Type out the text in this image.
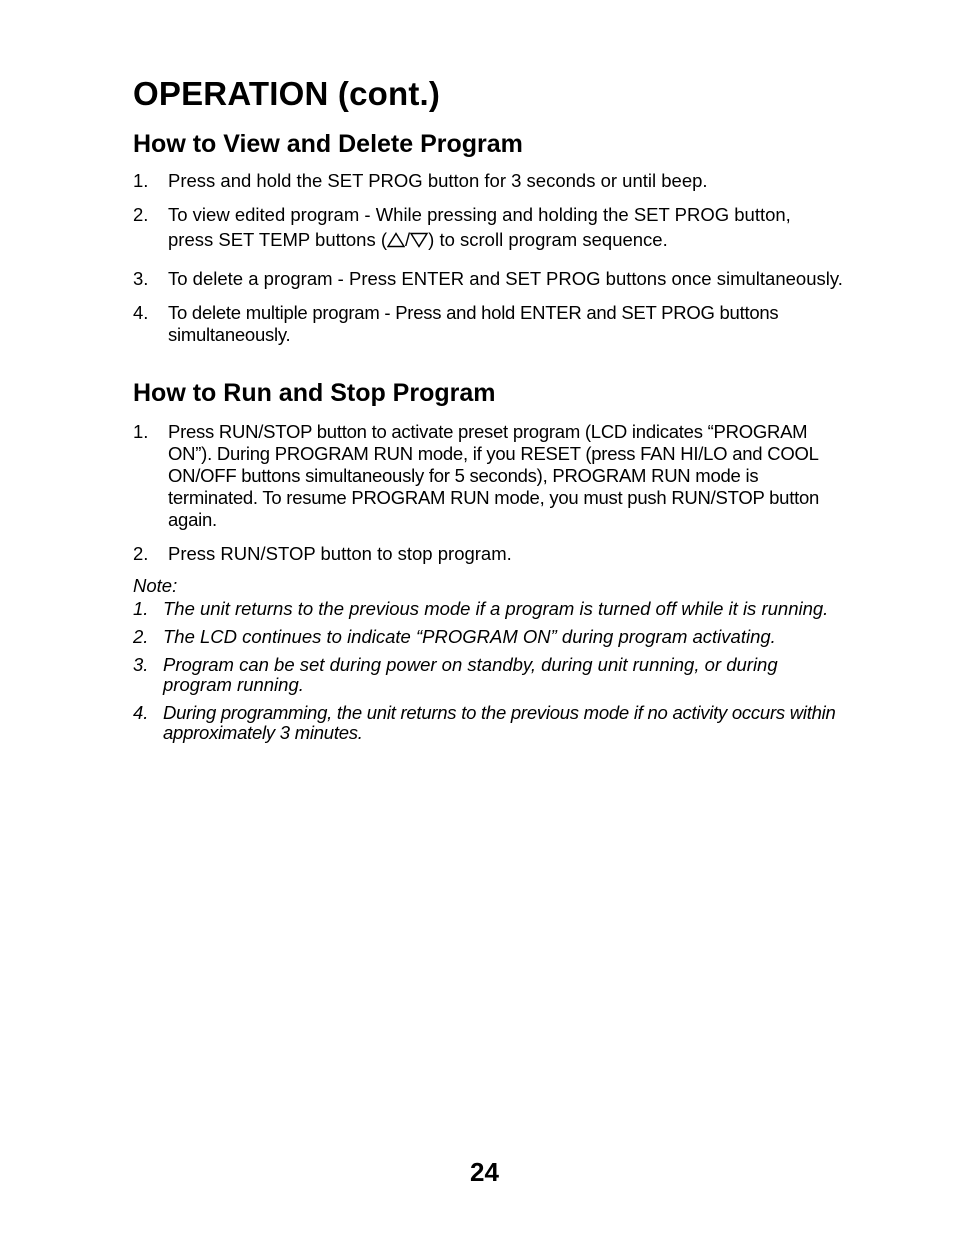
OPERATION (cont.)
How to View and Delete Program
1.	Press and hold the SET PROG button for 3 seconds or until beep.
2.	To view edited program - While pressing and holding the SET PROG button,
press SET TEMP buttons ( / ) to scroll program sequence.
3.	To delete a program - Press ENTER and SET PROG buttons once simultaneously.
4.	To delete multiple program - Press and hold ENTER and SET PROG buttons simultaneously.
How to Run and Stop Program
1.	Press RUN/STOP button to activate preset program (LCD indicates “PROGRAM ON”). During PROGRAM RUN mode, if you RESET (press FAN HI/LO and COOL ON/OFF buttons simultaneously for 5 seconds), PROGRAM RUN mode is terminated. To resume PROGRAM RUN mode, you must push RUN/STOP button again.
2.	Press RUN/STOP button to stop program.

Note:

1. The unit returns to the previous mode if a program is turned off while it is running.
2. The LCD continues to indicate “PROGRAM ON” during program activating.
3. Program can be set during power on standby, during unit running, or during program running.
4. During programming, the unit returns to the previous mode if no activity occurs within approximately 3 minutes.
24
